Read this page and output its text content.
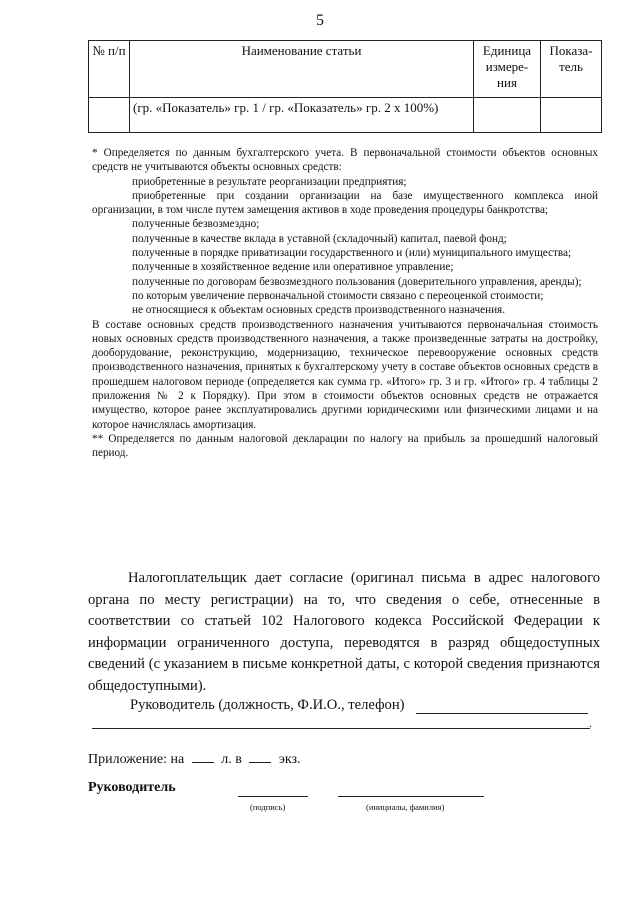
5
№ п/п	Наименование статьи	Единица измере-ния	Показа-тель
	(гр. «Показатель» гр. 1 / гр. «Показатель» гр. 2 х 100%)		

* Определяется по данным бухгалтерского учета. В первоначальной стоимости объектов основных средств не учитываются объекты основных средств:

приобретенные в результате реорганизации предприятия;

приобретенные при создании организации на базе имущественного комплекса иной организации, в том числе путем замещения активов в ходе проведения процедуры банкротства;

полученные безвозмездно;

полученные в качестве вклада в уставной (складочный) капитал, паевой фонд;

полученные в порядке приватизации государственного и (или) муниципального имущества;

полученные в хозяйственное ведение или оперативное управление;

полученные по договорам безвозмездного пользования (доверительного управления, аренды);

по которым увеличение первоначальной стоимости связано с переоценкой стоимости;

не относящиеся к объектам основных средств производственного назначения.

В составе основных средств производственного назначения учитываются первоначальная стоимость новых основных средств производственного назначения, а также произведенные затраты на достройку, дооборудование, реконструкцию, модернизацию, техническое перевооружение основных средств производственного назначения, принятых к бухгалтерскому учету в составе объектов основных средств в прошедшем налоговом периоде (определяется как сумма гр. «Итого» гр. 3 и гр. «Итого» гр. 4 таблицы 2 приложения № 2 к Порядку). При этом в стоимости объектов основных средств не отражается имущество, которое ранее эксплуатировались другими юридическими или физическими лицами и на которое начислялась амортизация.

** Определяется по данным налоговой декларации по налогу на прибыль за прошедший налоговый период.

Налогоплательщик дает согласие (оригинал письма в адрес налогового органа по месту регистрации) на то, что сведения о себе, отнесенные в соответствии со статьей 102 Налогового кодекса Российской Федерации к информации ограниченного доступа, переводятся в разряд общедоступных сведений (с указанием в письме конкретной даты, с которой сведения признаются общедоступными).
Руководитель (должность, Ф.И.О., телефон)
.
Приложение: на	л. в	экз.
Руководитель
(подпись)	(инициалы, фамилия)
